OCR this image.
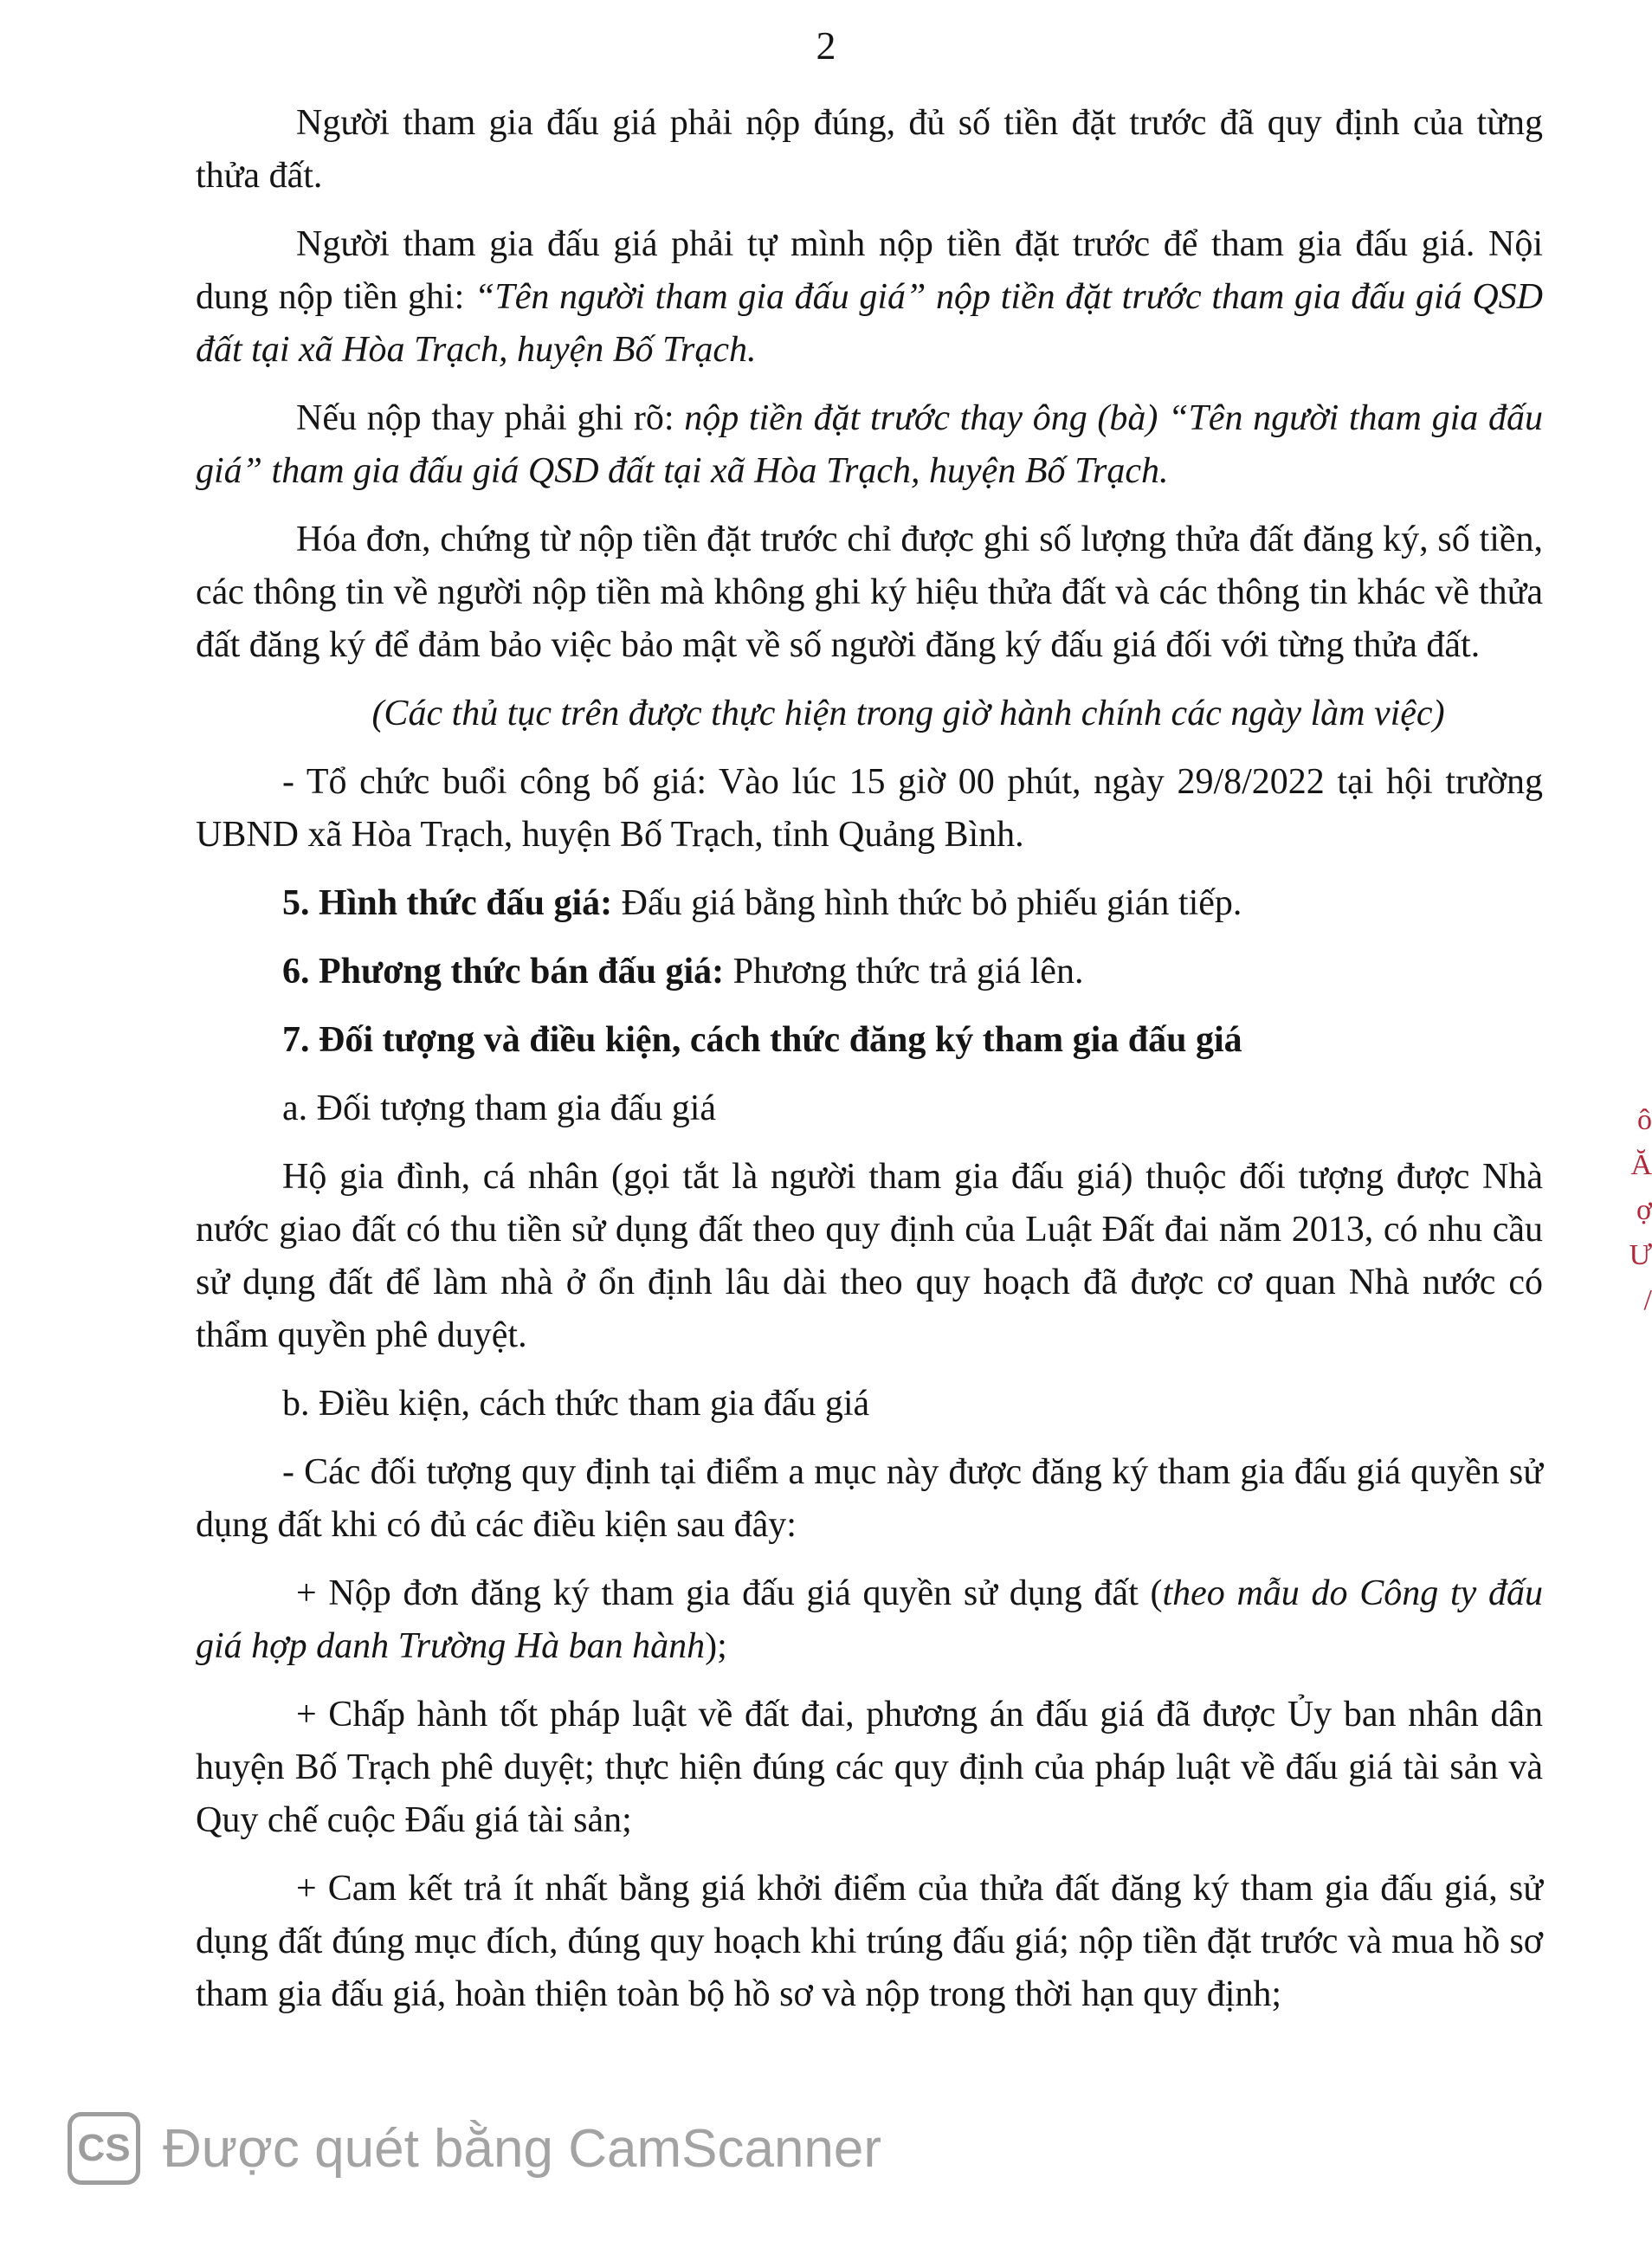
2

Người tham gia đấu giá phải nộp đúng, đủ số tiền đặt trước đã quy định của từng thửa đất.

Người tham gia đấu giá phải tự mình nộp tiền đặt trước để tham gia đấu giá. Nội dung nộp tiền ghi: “Tên người tham gia đấu giá” nộp tiền đặt trước tham gia đấu giá QSD đất tại xã Hòa Trạch, huyện Bố Trạch.

Nếu nộp thay phải ghi rõ: nộp tiền đặt trước thay ông (bà) “Tên người tham gia đấu giá” tham gia đấu giá QSD đất tại xã Hòa Trạch, huyện Bố Trạch.

Hóa đơn, chứng từ nộp tiền đặt trước chỉ được ghi số lượng thửa đất đăng ký, số tiền, các thông tin về người nộp tiền mà không ghi ký hiệu thửa đất và các thông tin khác về thửa đất đăng ký để đảm bảo việc bảo mật về số người đăng ký đấu giá đối với từng thửa đất.

(Các thủ tục trên được thực hiện trong giờ hành chính các ngày làm việc)

- Tổ chức buổi công bố giá: Vào lúc 15 giờ 00 phút, ngày 29/8/2022 tại hội trường UBND xã Hòa Trạch, huyện Bố Trạch, tỉnh Quảng Bình.

5. Hình thức đấu giá: Đấu giá bằng hình thức bỏ phiếu gián tiếp.

6. Phương thức bán đấu giá: Phương thức trả giá lên.

7. Đối tượng và điều kiện, cách thức đăng ký tham gia đấu giá

a. Đối tượng tham gia đấu giá

Hộ gia đình, cá nhân (gọi tắt là người tham gia đấu giá) thuộc đối tượng được Nhà nước giao đất có thu tiền sử dụng đất theo quy định của Luật Đất đai năm 2013, có nhu cầu sử dụng đất để làm nhà ở ổn định lâu dài theo quy hoạch đã được cơ quan Nhà nước có thẩm quyền phê duyệt.

b. Điều kiện, cách thức tham gia đấu giá

- Các đối tượng quy định tại điểm a mục này được đăng ký tham gia đấu giá quyền sử dụng đất khi có đủ các điều kiện sau đây:

+ Nộp đơn đăng ký tham gia đấu giá quyền sử dụng đất (theo mẫu do Công ty đấu giá hợp danh Trường Hà ban hành);

+ Chấp hành tốt pháp luật về đất đai, phương án đấu giá đã được Ủy ban nhân dân huyện Bố Trạch phê duyệt; thực hiện đúng các quy định của pháp luật về đấu giá tài sản và Quy chế cuộc Đấu giá tài sản;

+ Cam kết trả ít nhất bằng giá khởi điểm của thửa đất đăng ký tham gia đấu giá, sử dụng đất đúng mục đích, đúng quy hoạch khi trúng đấu giá; nộp tiền đặt trước và mua hồ sơ tham gia đấu giá, hoàn thiện toàn bộ hồ sơ và nộp trong thời hạn quy định;

ô
Ă
ợ
Ư
/
CS Được quét bằng CamScanner
